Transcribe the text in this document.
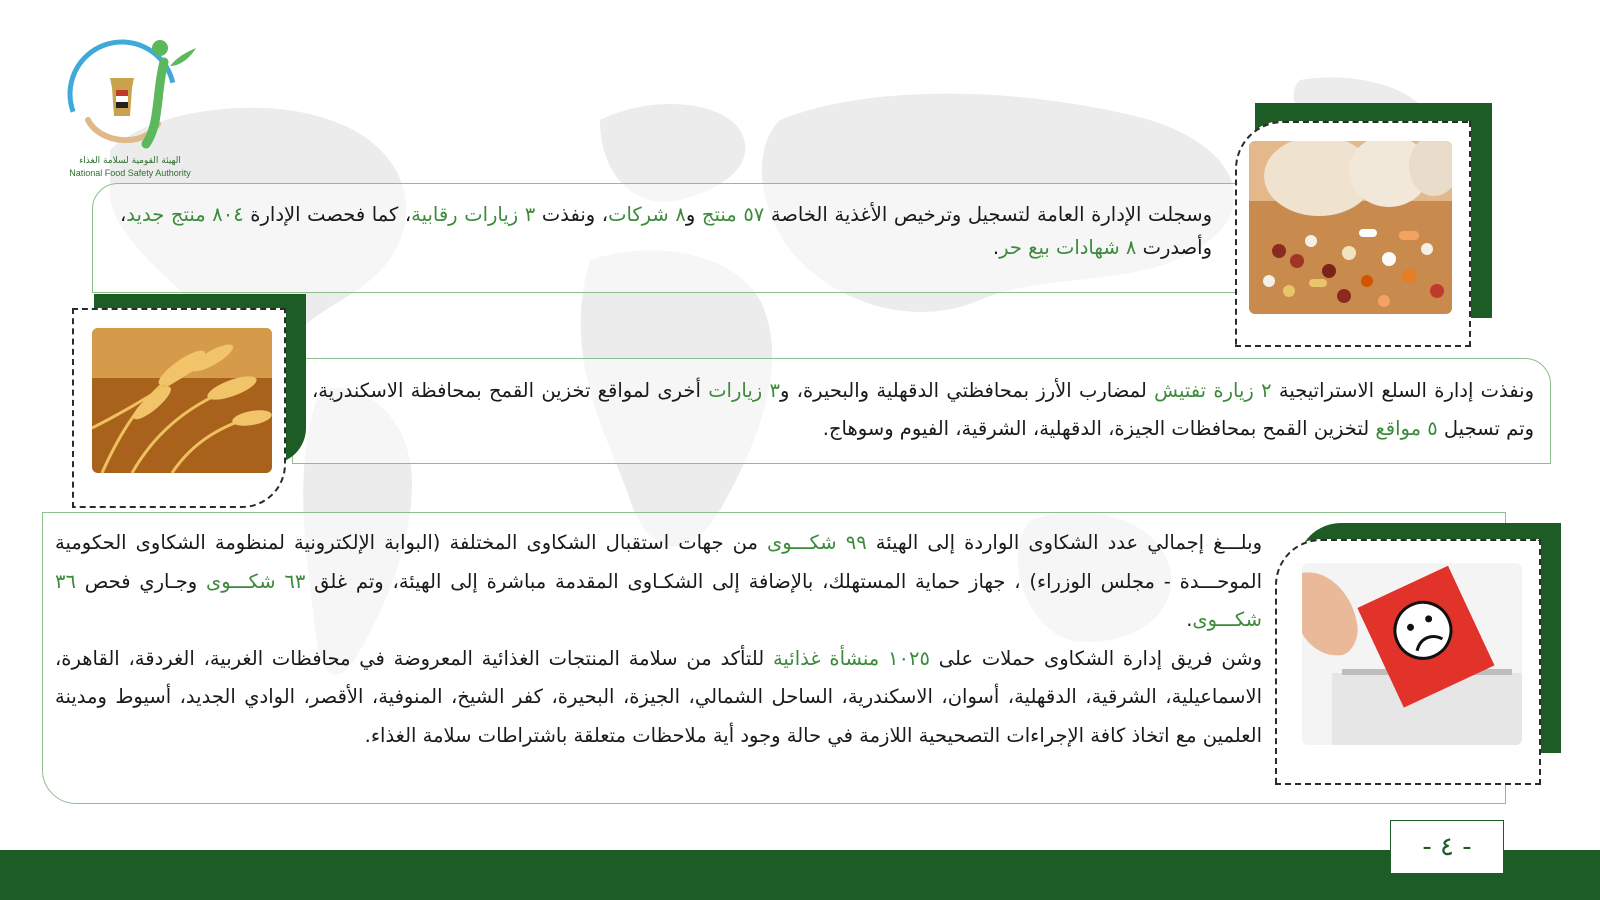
الهيئة القومية لسلامة الغذاء
National Food Safety Authority
وسجلت الإدارة العامة لتسجيل وترخيص الأغذية الخاصة ٥٧ منتج و٨ شركات، ونفذت ٣ زيارات رقابية، كما فحصت الإدارة ٨٠٤ منتج جديد، وأصدرت ٨ شهادات بيع حر.
ونفذت إدارة السلع الاستراتيجية ٢ زيارة تفتيش لمضارب الأرز بمحافظتي الدقهلية والبحيرة، و٣ زيارات أخرى لمواقع تخزين القمح بمحافظة الاسكندرية، وتم تسجيل ٥ مواقع لتخزين القمح بمحافظات الجيزة، الدقهلية، الشرقية، الفيوم وسوهاج.
وبلـــغ إجمالي عدد الشكاوى الواردة إلى الهيئة ٩٩ شكـــوى من جهات استقبال الشكاوى المختلفة (البوابة الإلكترونية لمنظومة الشكاوى الحكومية الموحـــدة - مجلس الوزراء) ، جهاز حماية المستهلك، بالإضافة إلى الشكـاوى المقدمة مباشرة إلى الهيئة، وتم غلق ٦٣ شكـــوى وجـاري فحص ٣٦ شكـــوى.
وشن فريق إدارة الشكاوى حملات على ١٠٢٥ منشأة غذائية للتأكد من سلامة المنتجات الغذائية المعروضة في محافظات الغربية، الغردقة، القاهرة، الاسماعيلية، الشرقية، الدقهلية، أسوان، الاسكندرية، الساحل الشمالي، الجيزة، البحيرة، كفر الشيخ، المنوفية، الأقصر، الوادي الجديد، أسيوط ومدينة العلمين مع اتخاذ كافة الإجراءات التصحيحية اللازمة في حالة وجود أية ملاحظات متعلقة باشتراطات سلامة الغذاء.
- ٤ -
